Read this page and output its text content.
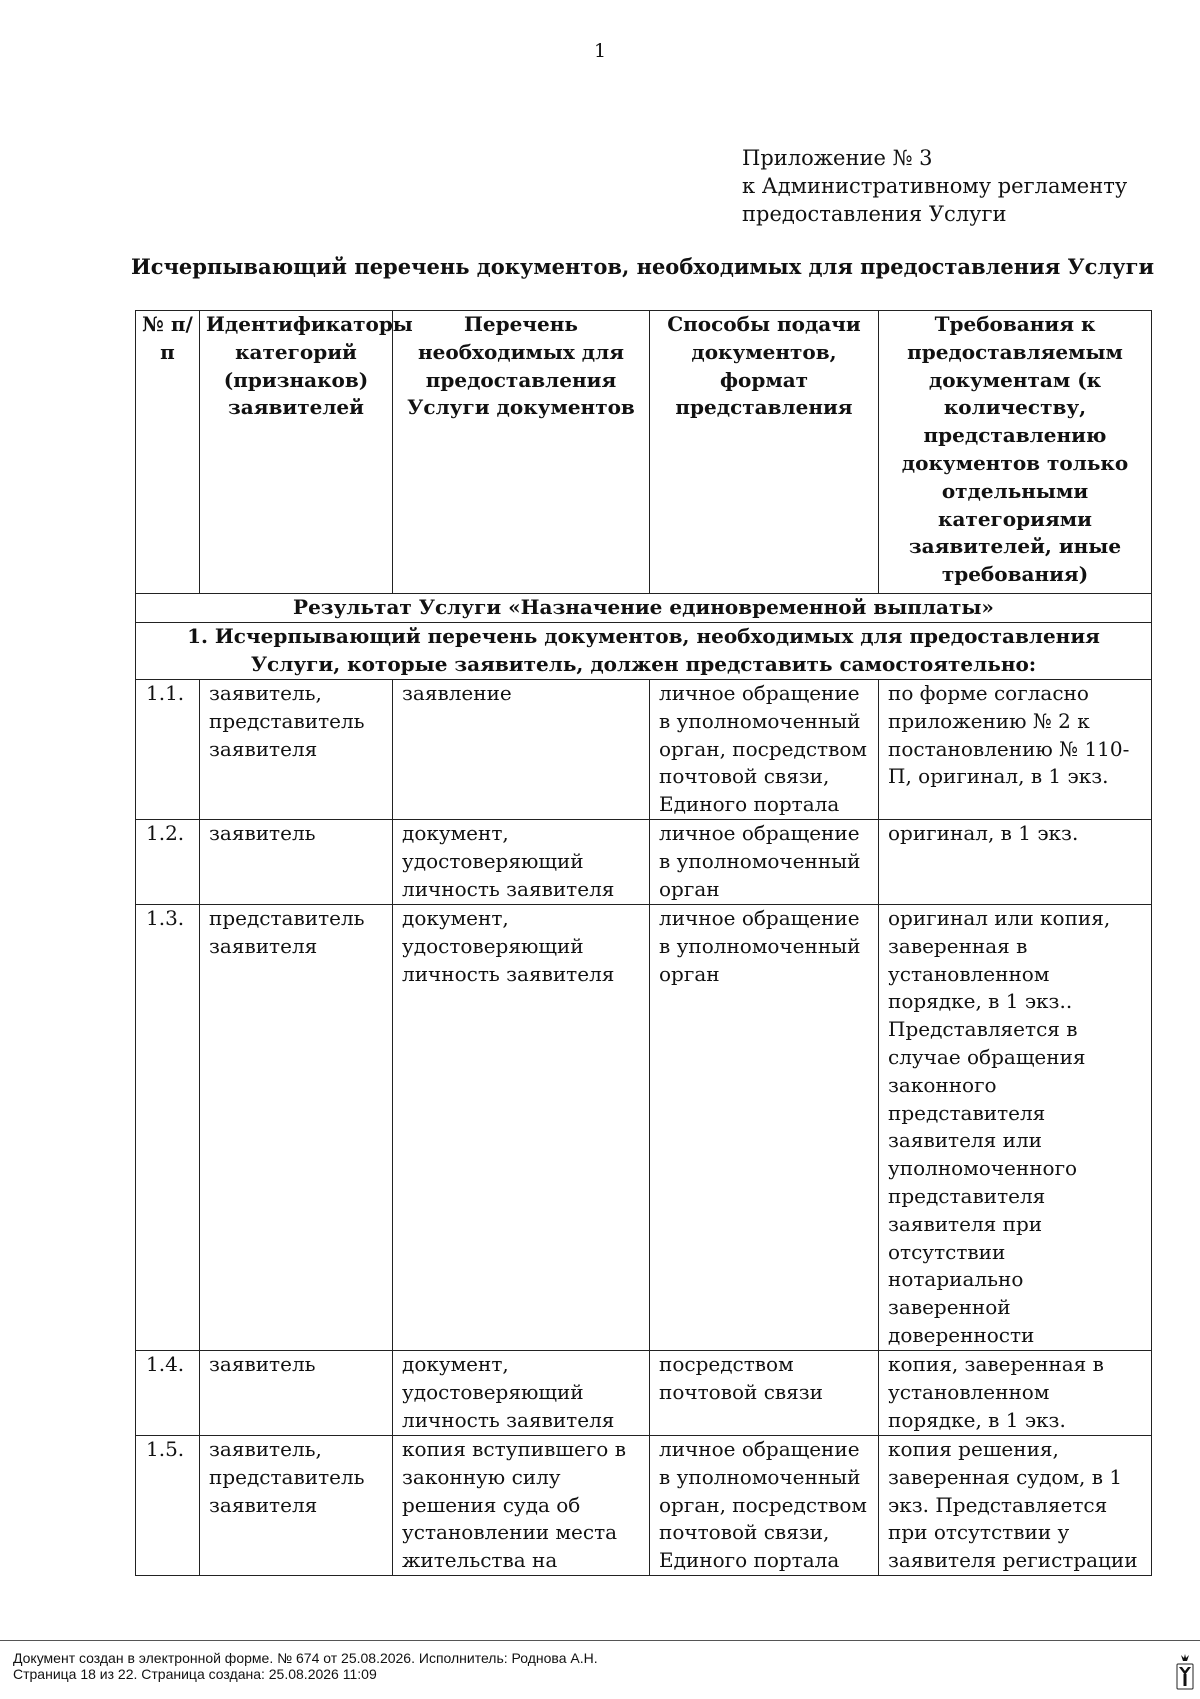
1
Приложение № 3
к Административному регламенту
предоставления Услуги
Исчерпывающий перечень документов, необходимых для предоставления Услуги
№ п/п	Идентификаторы категорий (признаков) заявителей	Перечень необходимых для предоставления Услуги документов	Способы подачи документов, формат представления	Требования к предоставляемым документам (к количеству, представлению документов только отдельными категориями заявителей, иные требования)
Результат Услуги «Назначение единовременной выплаты»				
1. Исчерпывающий перечень документов, необходимых для предоставления Услуги, которые заявитель, должен представить самостоятельно:				
1.1.	заявитель, представитель заявителя	заявление	личное обращение в уполномоченный орган, посредством почтовой связи, Единого портала	по форме согласно приложению № 2 к постановлению № 110-П, оригинал, в 1 экз.
1.2.	заявитель	документ, удостоверяющий личность заявителя	личное обращение в уполномоченный орган	оригинал, в 1 экз.
1.3.	представитель заявителя	документ, удостоверяющий личность заявителя	личное обращение в уполномоченный орган	оригинал или копия, заверенная в установленном порядке, в 1 экз.. Представляется в случае обращения законного представителя заявителя или уполномоченного представителя заявителя при отсутствии нотариально заверенной доверенности
1.4.	заявитель	документ, удостоверяющий личность заявителя	посредством почтовой связи	копия, заверенная в установленном порядке, в 1 экз.
1.5.	заявитель, представитель заявителя	копия вступившего в законную силу решения суда об установлении места жительства на	личное обращение в уполномоченный орган, посредством почтовой связи, Единого портала	копия решения, заверенная судом, в 1 экз. Представляется при отсутствии у заявителя регистрации
Документ создан в электронной форме. № 674 от 25.08.2026. Исполнитель: Роднова А.Н.
Страница 18 из 22. Страница создана: 25.08.2026 11:09
